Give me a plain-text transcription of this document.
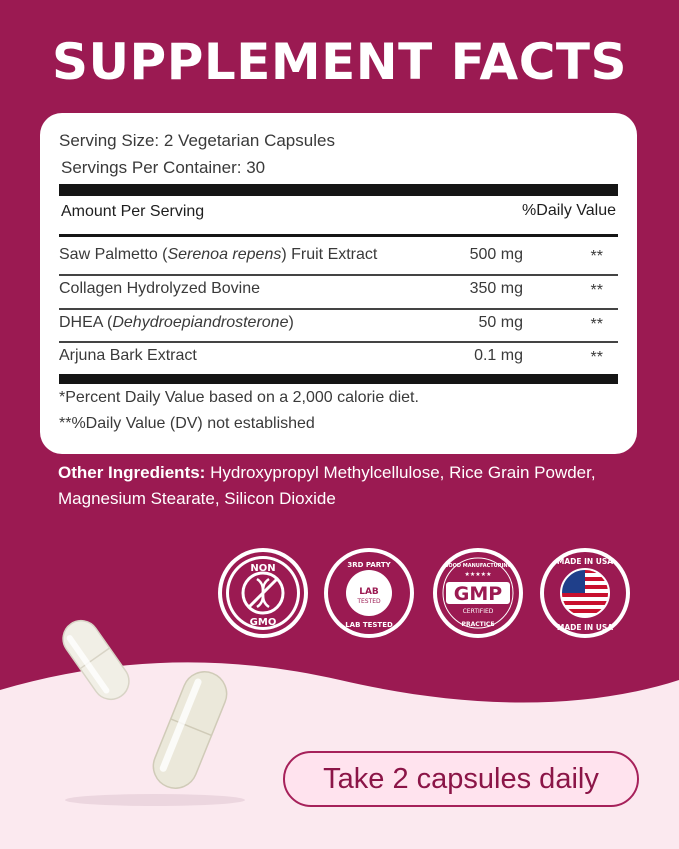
SUPPLEMENT FACTS
Serving Size: 2 Vegetarian Capsules
Servings Per Container: 30
Amount Per Serving	%Daily Value
Saw Palmetto (Serenoa repens) Fruit Extract	500 mg	**
Collagen Hydrolyzed Bovine	350 mg	**
DHEA (Dehydroepiandrosterone)	50 mg	**
Arjuna Bark Extract	0.1 mg	**
*Percent Daily Value based on a 2,000 calorie diet.
**%Daily Value (DV) not established
Other Ingredients: Hydroxypropyl Methylcellulose, Rice Grain Powder, Magnesium Stearate, Silicon Dioxide
NON
GMO
3RD PARTY
LAB
TESTED
LAB TESTED
GMP
CERTIFIED
GOOD MANUFACTURING
★★★★★
PRACTICE
MADE IN USA
MADE IN USA
Take 2 capsules daily
